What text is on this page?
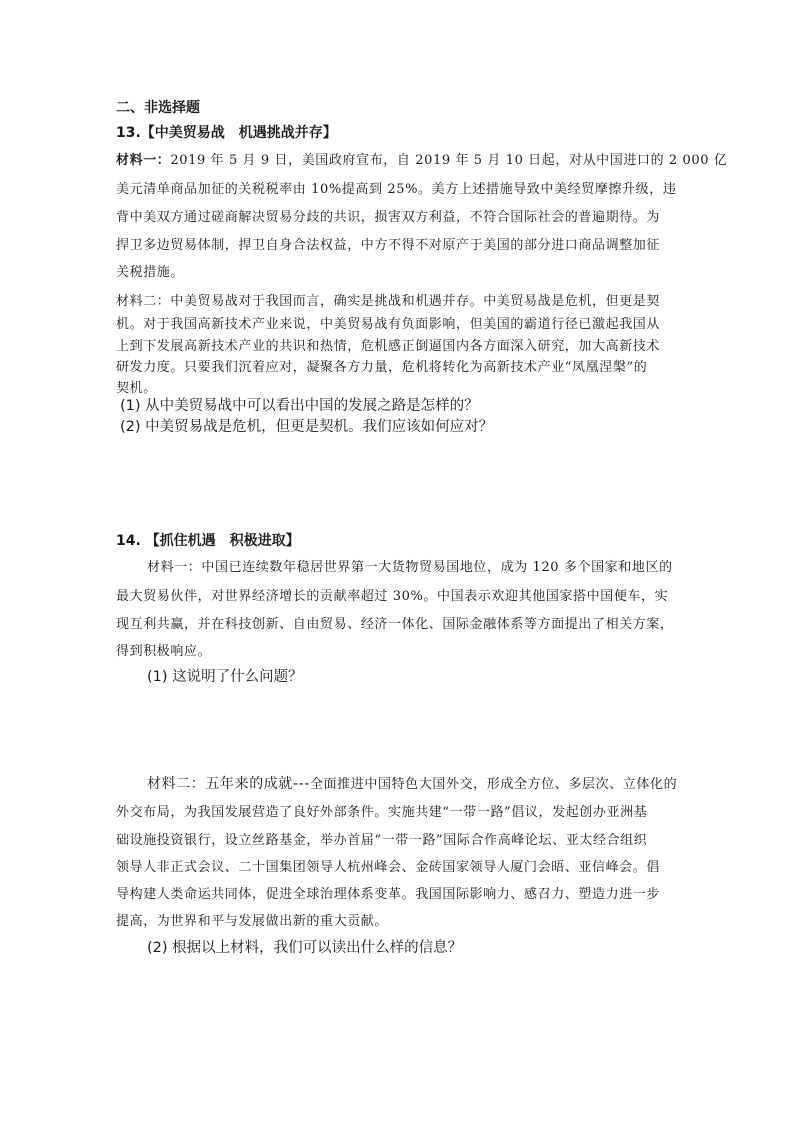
二、非选择题
13.【中美贸易战　机遇挑战并存】
材料一：2019 年 5 月 9 日，美国政府宣布，自 2019 年 5 月 10 日起，对从中国进口的 2 000 亿
美元清单商品加征的关税税率由 10%提高到 25%。美方上述措施导致中美经贸摩擦升级，违
背中美双方通过磋商解决贸易分歧的共识，损害双方利益，不符合国际社会的普遍期待。为
捍卫多边贸易体制，捍卫自身合法权益，中方不得不对原产于美国的部分进口商品调整加征
关税措施。
材料二：中美贸易战对于我国而言，确实是挑战和机遇并存。中美贸易战是危机，但更是契
机。对于我国高新技术产业来说，中美贸易战有负面影响，但美国的霸道行径已激起我国从
上到下发展高新技术产业的共识和热情，危机感正倒逼国内各方面深入研究，加大高新技术
研发力度。只要我们沉着应对，凝聚各方力量，危机将转化为高新技术产业“凤凰涅槃”的
契机。
(1) 从中美贸易战中可以看出中国的发展之路是怎样的？
(2) 中美贸易战是危机，但更是契机。我们应该如何应对？
14. 【抓住机遇　积极进取】
材料一：中国已连续数年稳居世界第一大货物贸易国地位，成为 120 多个国家和地区的
最大贸易伙伴，对世界经济增长的贡献率超过 30%。中国表示欢迎其他国家搭中国便车，实
现互利共赢，并在科技创新、自由贸易、经济一体化、国际金融体系等方面提出了相关方案，
得到积极响应。
(1) 这说明了什么问题？
材料二：五年来的成就---全面推进中国特色大国外交，形成全方位、多层次、立体化的
外交布局，为我国发展营造了良好外部条件。实施共建“一带一路”倡议，发起创办亚洲基
础设施投资银行，设立丝路基金，举办首届“一带一路”国际合作高峰论坛、亚太经合组织
领导人非正式会议、二十国集团领导人杭州峰会、金砖国家领导人厦门会晤、亚信峰会。倡
导构建人类命运共同体，促进全球治理体系变革。我国国际影响力、感召力、塑造力进一步
提高，为世界和平与发展做出新的重大贡献。
(2) 根据以上材料，我们可以读出什么样的信息？
